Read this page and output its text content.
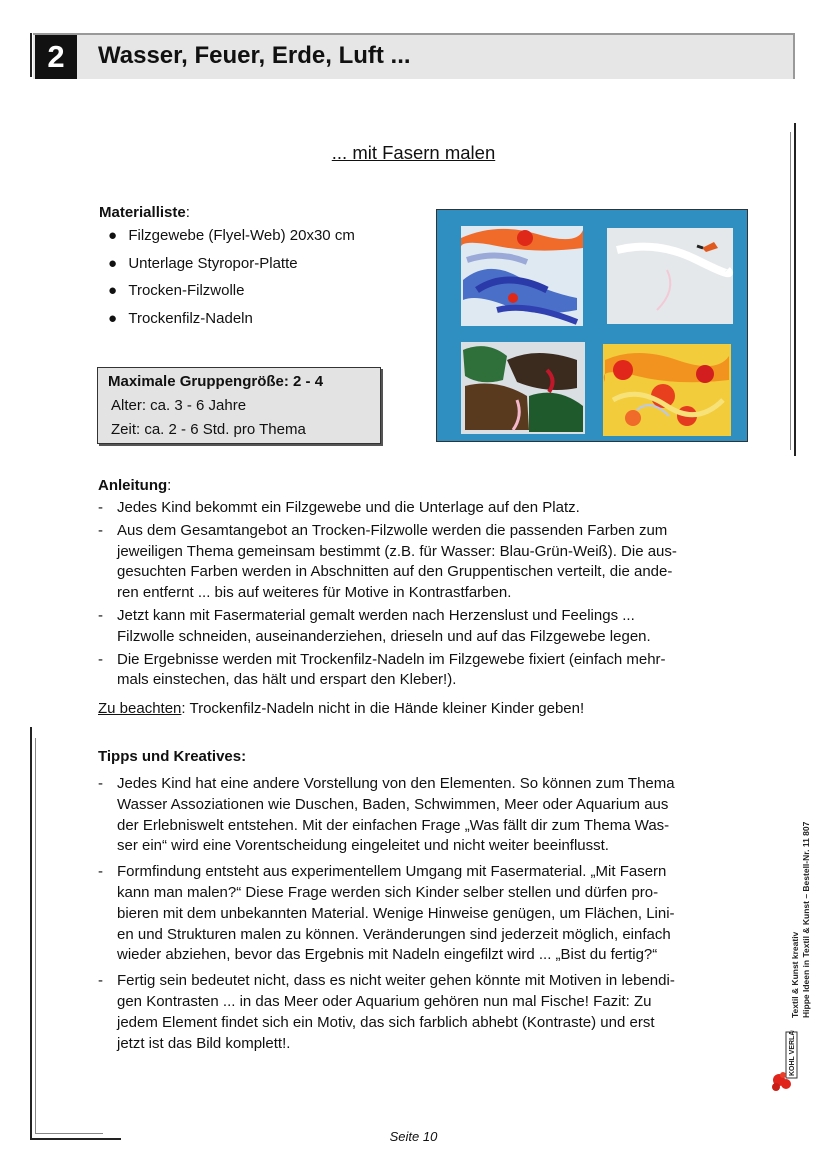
2	Wasser, Feuer, Erde, Luft ...
... mit Fasern malen
Materialliste:
● Filzgewebe (Flyel-Web) 20x30 cm
● Unterlage Styropor-Platte
● Trocken-Filzwolle
● Trockenfilz-Nadeln
Maximale Gruppengröße: 2 - 4
Alter: ca. 3 - 6 Jahre
Zeit: ca. 2 - 6 Std. pro Thema
Anleitung:
- Jedes Kind bekommt ein Filzgewebe und die Unterlage auf den Platz.
- Aus dem Gesamtangebot an Trocken-Filzwolle werden die passenden Farben zum
jeweiligen Thema gemeinsam bestimmt (z.B. für Wasser: Blau-Grün-Weiß). Die aus-
gesuchten Farben werden in Abschnitten auf den Gruppentischen verteilt, die ande-
ren entfernt ... bis auf weiteres für Motive in Kontrastfarben.
- Jetzt kann mit Fasermaterial gemalt werden nach Herzenslust und Feelings ...
Filzwolle schneiden, auseinanderziehen, drieseln und auf das Filzgewebe legen.
- Die Ergebnisse werden mit Trockenfilz-Nadeln im Filzgewebe fixiert (einfach mehr-
mals einstechen, das hält und erspart den Kleber!).
Zu beachten: Trockenfilz-Nadeln nicht in die Hände kleiner Kinder geben!
Tipps und Kreatives:
- Jedes Kind hat eine andere Vorstellung von den Elementen. So können zum Thema
Wasser Assoziationen wie Duschen, Baden, Schwimmen, Meer oder Aquarium aus
der Erlebniswelt entstehen. Mit der einfachen Frage „Was fällt dir zum Thema Was-
ser ein“ wird eine Vorentscheidung eingeleitet und nicht weiter beeinflusst.
- Formfindung entsteht aus experimentellem Umgang mit Fasermaterial. „Mit Fasern
kann man malen?“ Diese Frage werden sich Kinder selber stellen und dürfen pro-
bieren mit dem unbekannten Material. Wenige Hinweise genügen, um Flächen, Lini-
en und Strukturen malen zu können. Veränderungen sind jederzeit möglich, einfach
wieder abziehen, bevor das Ergebnis mit Nadeln eingefilzt wird ... „Bist du fertig?“
- Fertig sein bedeutet nicht, dass es nicht weiter gehen könnte mit Motiven in lebendi-
gen Kontrasten ... in das Meer oder Aquarium gehören nun mal Fische! Fazit: Zu
jedem Element findet sich ein Motiv, das sich farblich abhebt (Kontraste) und erst
jetzt ist das Bild komplett!.
Textil & Kunst kreativ Hippe Ideen in Textil & Kunst – Bestell-Nr. 11 807
KOHL VERLAG
Seite 10
